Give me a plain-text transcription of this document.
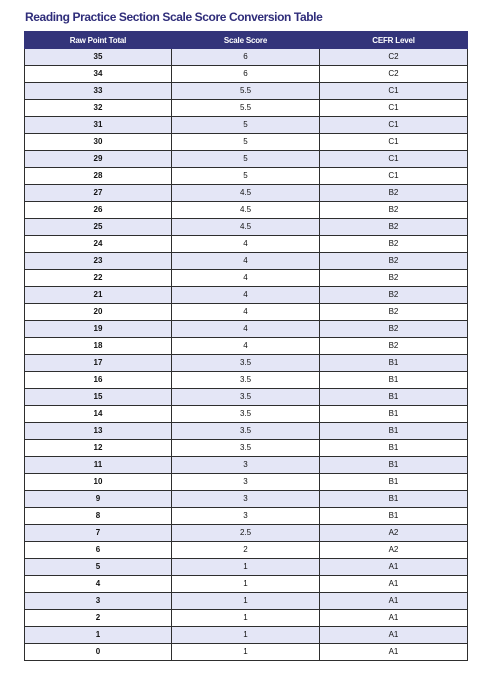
Reading Practice Section Scale Score Conversion Table
Raw Point Total	Scale Score	CEFR Level
35	6	C2
34	6	C2
33	5.5	C1
32	5.5	C1
31	5	C1
30	5	C1
29	5	C1
28	5	C1
27	4.5	B2
26	4.5	B2
25	4.5	B2
24	4	B2
23	4	B2
22	4	B2
21	4	B2
20	4	B2
19	4	B2
18	4	B2
17	3.5	B1
16	3.5	B1
15	3.5	B1
14	3.5	B1
13	3.5	B1
12	3.5	B1
11	3	B1
10	3	B1
9	3	B1
8	3	B1
7	2.5	A2
6	2	A2
5	1	A1
4	1	A1
3	1	A1
2	1	A1
1	1	A1
0	1	A1
